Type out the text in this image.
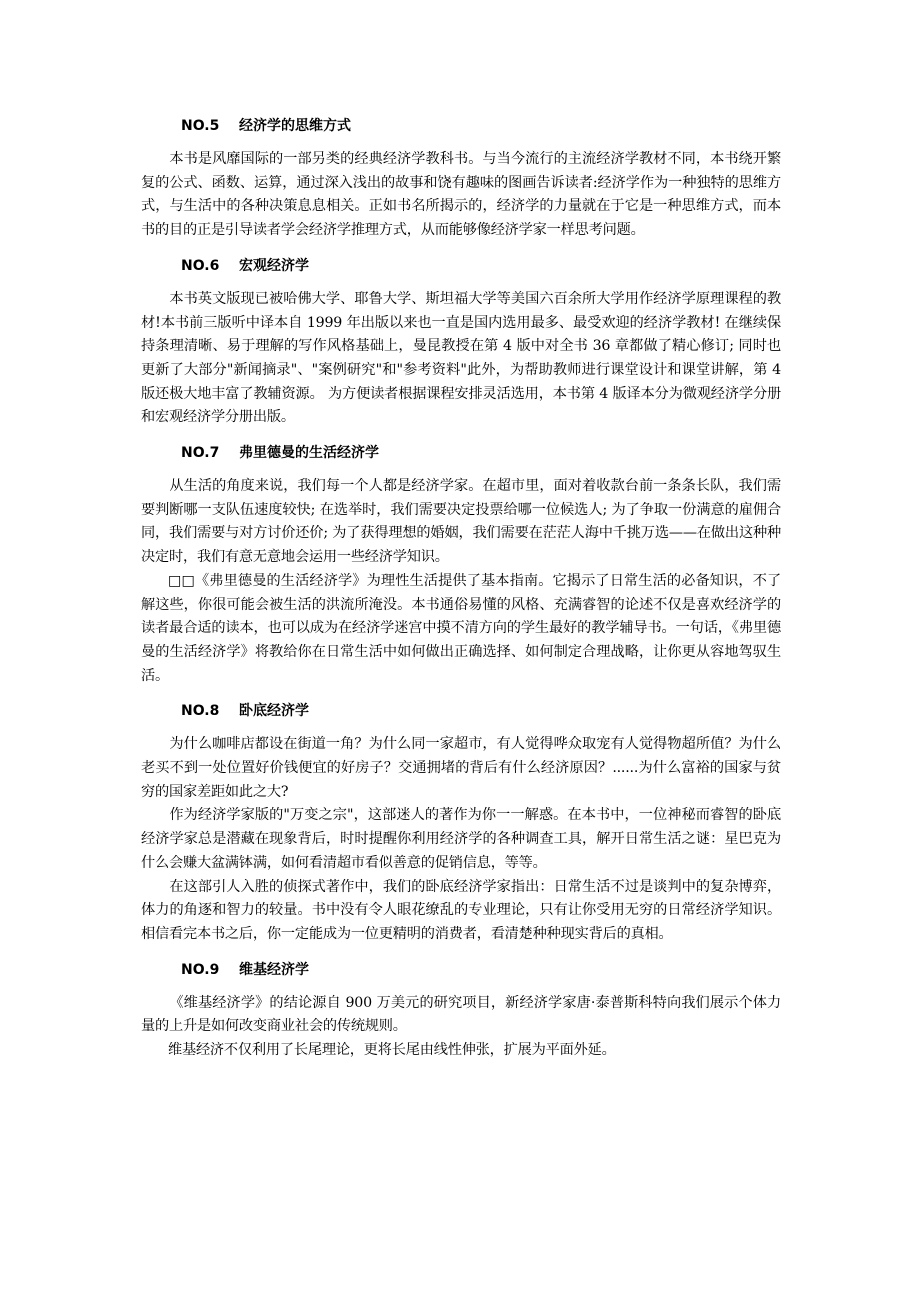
NO.5 经济学的思维方式

本书是风靡国际的一部另类的经典经济学教科书。与当今流行的主流经济学教材不同，本书绕开繁复的公式、函数、运算，通过深入浅出的故事和饶有趣味的图画告诉读者:经济学作为一种独特的思维方式，与生活中的各种决策息息相关。正如书名所揭示的，经济学的力量就在于它是一种思维方式，而本书的目的正是引导读者学会经济学推理方式，从而能够像经济学家一样思考问题。

NO.6 宏观经济学

本书英文版现已被哈佛大学、耶鲁大学、斯坦福大学等美国六百余所大学用作经济学原理课程的教材!本书前三版听中译本自 1999 年出版以来也一直是国内选用最多、最受欢迎的经济学教材! 在继续保持条理清晰、易于理解的写作风格基础上，曼昆教授在第 4 版中对全书 36 章都做了精心修订; 同时也更新了大部分"新闻摘录"、"案例研究"和"参考资料"此外，为帮助教师进行课堂设计和课堂讲解，第 4 版还极大地丰富了教辅资源。 为方便读者根据课程安排灵活选用，本书第 4 版译本分为微观经济学分册和宏观经济学分册出版。

NO.7 弗里德曼的生活经济学

从生活的角度来说，我们每一个人都是经济学家。在超市里，面对着收款台前一条条长队，我们需要判断哪一支队伍速度较快; 在选举时，我们需要决定投票给哪一位候选人; 为了争取一份满意的雇佣合同，我们需要与对方讨价还价; 为了获得理想的婚姻，我们需要在茫茫人海中千挑万选——在做出这种种决定时，我们有意无意地会运用一些经济学知识。

□□《弗里德曼的生活经济学》为理性生活提供了基本指南。它揭示了日常生活的必备知识，不了解这些，你很可能会被生活的洪流所淹没。本书通俗易懂的风格、充满睿智的论述不仅是喜欢经济学的读者最合适的读本，也可以成为在经济学迷宫中摸不清方向的学生最好的教学辅导书。一句话，《弗里德曼的生活经济学》将教给你在日常生活中如何做出正确选择、如何制定合理战略，让你更从容地驾驭生活。

NO.8 卧底经济学

为什么咖啡店都设在街道一角？为什么同一家超市，有人觉得哗众取宠有人觉得物超所值？为什么老买不到一处位置好价钱便宜的好房子？交通拥堵的背后有什么经济原因？......为什么富裕的国家与贫穷的国家差距如此之大?

作为经济学家版的"万变之宗"，这部迷人的著作为你一一解惑。在本书中，一位神秘而睿智的卧底经济学家总是潜藏在现象背后，时时提醒你利用经济学的各种调查工具，解开日常生活之谜：星巴克为什么会赚大盆满钵满，如何看清超市看似善意的促销信息，等等。

在这部引人入胜的侦探式著作中，我们的卧底经济学家指出：日常生活不过是谈判中的复杂博弈，体力的角逐和智力的较量。书中没有令人眼花缭乱的专业理论，只有让你受用无穷的日常经济学知识。相信看完本书之后，你一定能成为一位更精明的消费者，看清楚种种现实背后的真相。

NO.9 维基经济学

《维基经济学》的结论源自 900 万美元的研究项目，新经济学家唐·泰普斯科特向我们展示个体力量的上升是如何改变商业社会的传统规则。

维基经济不仅利用了长尾理论，更将长尾由线性伸张，扩展为平面外延。
